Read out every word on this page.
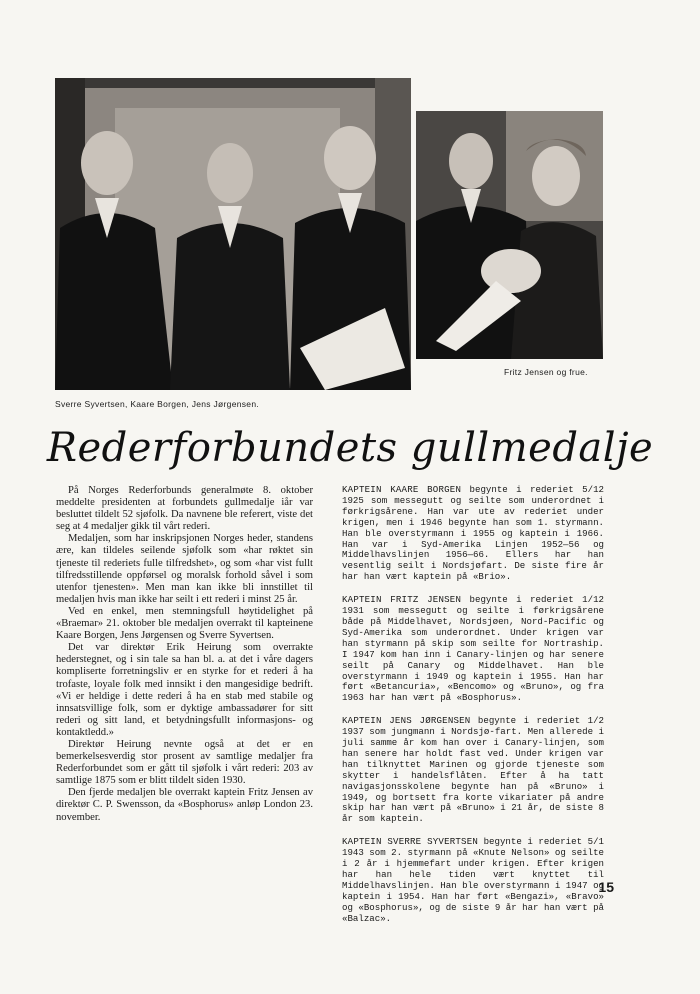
Sverre Syvertsen, Kaare Borgen, Jens Jørgensen.
Fritz Jensen og frue.
Rederforbundets gullmedalje

På Norges Rederforbunds generalmøte 8. oktober meddelte presidenten at forbundets gullmedalje iår var besluttet tildelt 52 sjøfolk. Da navnene ble referert, viste det seg at 4 medaljer gikk til vårt rederi.

Medaljen, som har inskripsjonen Norges heder, standens ære, kan tildeles seilende sjøfolk som «har røktet sin tjeneste til rederiets fulle tilfredshet», og som «har vist fullt tilfredsstillende oppførsel og moralsk forhold såvel i som utenfor tjenesten». Men man kan ikke bli innstillet til medaljen hvis man ikke har seilt i ett rederi i minst 25 år.

Ved en enkel, men stemningsfull høytidelighet på «Braemar» 21. oktober ble medaljen overrakt til kapteinene Kaare Borgen, Jens Jørgensen og Sverre Syvertsen.

Det var direktør Erik Heirung som overrakte hederstegnet, og i sin tale sa han bl. a. at det i våre dagers kompliserte forretningsliv er en styrke for et rederi å ha trofaste, loyale folk med innsikt i den mangesidige bedrift. «Vi er heldige i dette rederi å ha en stab med stabile og innsatsvillige folk, som er dyktige ambassadører for sitt rederi og sitt land, et betydningsfullt informasjons- og kontaktledd.»

Direktør Heirung nevnte også at det er en bemerkelsesverdig stor prosent av samtlige medaljer fra Rederforbundet som er gått til sjøfolk i vårt rederi: 203 av samtlige 1875 som er blitt tildelt siden 1930.

Den fjerde medaljen ble overrakt kaptein Fritz Jensen av direktør C. P. Swensson, da «Bosphorus» anløp London 23. november.

KAPTEIN KAARE BORGEN begynte i rederiet 5/12 1925 som messegutt og seilte som underordnet i førkrigsårene. Han var ute av rederiet under krigen, men i 1946 begynte han som 1. styrmann. Han ble overstyrmann i 1955 og kaptein i 1966. Han var i Syd-Amerika Linjen 1952—56 og Middelhavslinjen 1956—66. Ellers har han vesentlig seilt i Nordsjøfart. De siste fire år har han vært kaptein på «Brio».

KAPTEIN FRITZ JENSEN begynte i rederiet 1/12 1931 som messegutt og seilte i førkrigsårene både på Middelhavet, Nordsjøen, Nord-Pacific og Syd-Amerika som underordnet. Under krigen var han styrmann på skip som seilte for Nortraship. I 1947 kom han inn i Canary-linjen og har senere seilt på Canary og Middelhavet. Han ble overstyrmann i 1949 og kaptein i 1955. Han har ført «Betancuria», «Bencomo» og «Bruno», og fra 1963 har han vært på «Bosphorus».

KAPTEIN JENS JØRGENSEN begynte i rederiet 1/2 1937 som jungmann i Nordsjø-fart. Men allerede i juli samme år kom han over i Canary-linjen, som han senere har holdt fast ved. Under krigen var han tilknyttet Marinen og gjorde tjeneste som skytter i handelsflåten. Efter å ha tatt navigasjonsskolene begynte han på «Bruno» i 1949, og bortsett fra korte vikariater på andre skip har han vært på «Bruno» i 21 år, de siste 8 år som kaptein.

KAPTEIN SVERRE SYVERTSEN begynte i rederiet 5/1 1943 som 2. styrmann på «Knute Nelson» og seilte i 2 år i hjemmefart under krigen. Efter krigen har han hele tiden vært knyttet til Middelhavslinjen. Han ble overstyrmann i 1947 og kaptein i 1954. Han har ført «Bengazi», «Bravo» og «Bosphorus», og de siste 9 år har han vært på «Balzac».

15
